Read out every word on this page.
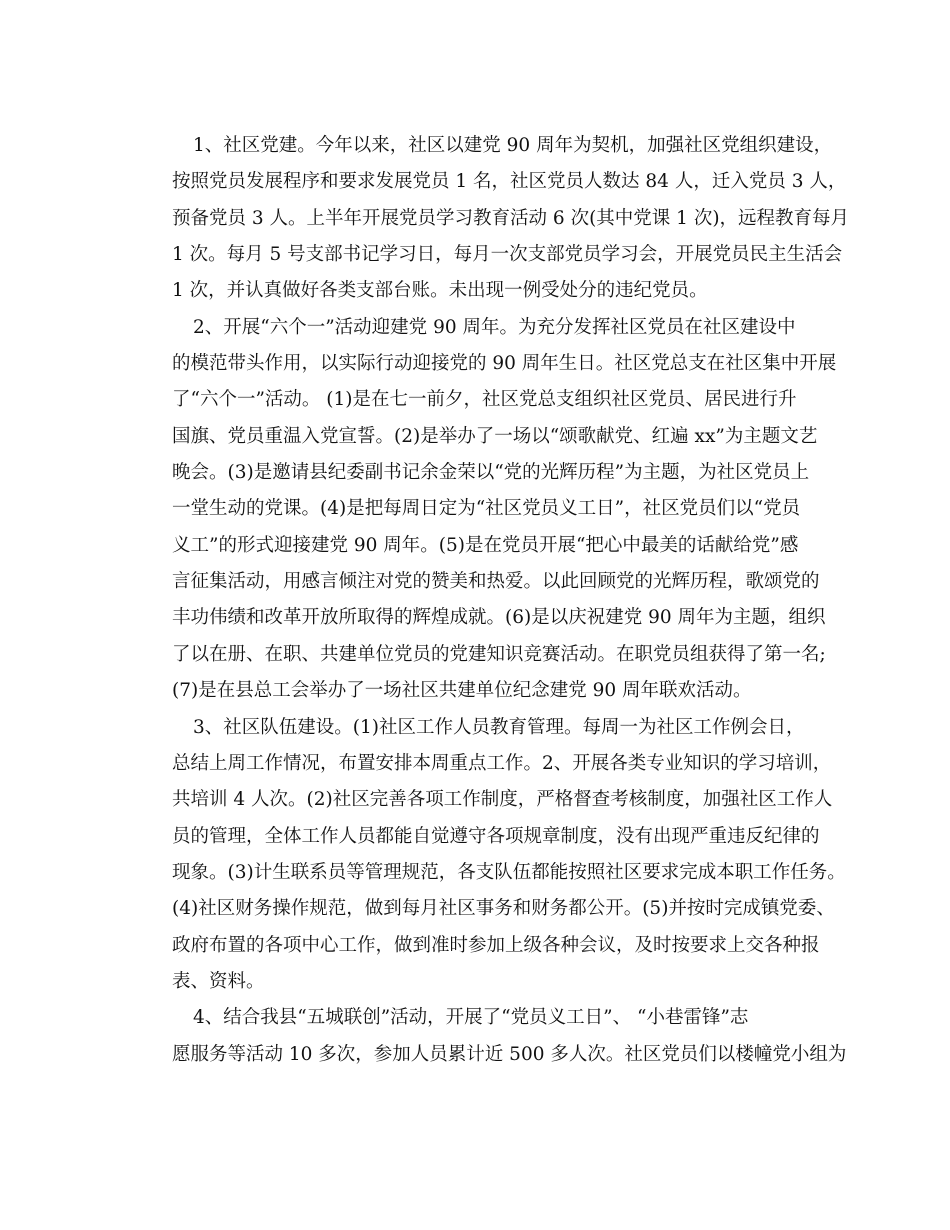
1、社区党建。今年以来，社区以建党 90 周年为契机，加强社区党组织建设，
按照党员发展程序和要求发展党员 1 名，社区党员人数达 84 人，迁入党员 3 人，
预备党员 3 人。上半年开展党员学习教育活动 6 次(其中党课 1 次)，远程教育每月
1 次。每月 5 号支部书记学习日，每月一次支部党员学习会，开展党员民主生活会
1 次，并认真做好各类支部台账。未出现一例受处分的违纪党员。
2、开展“六个一”活动迎建党 90 周年。为充分发挥社区党员在社区建设中
的模范带头作用，以实际行动迎接党的 90 周年生日。社区党总支在社区集中开展
了“六个一”活动。 (1)是在七一前夕，社区党总支组织社区党员、居民进行升
国旗、党员重温入党宣誓。(2)是举办了一场以“颂歌献党、红遍 xx”为主题文艺
晚会。(3)是邀请县纪委副书记余金荣以“党的光辉历程”为主题，为社区党员上
一堂生动的党课。(4)是把每周日定为“社区党员义工日”，社区党员们以“党员
义工”的形式迎接建党 90 周年。(5)是在党员开展“把心中最美的话献给党”感
言征集活动，用感言倾注对党的赞美和热爱。以此回顾党的光辉历程，歌颂党的
丰功伟绩和改革开放所取得的辉煌成就。(6)是以庆祝建党 90 周年为主题，组织
了以在册、在职、共建单位党员的党建知识竞赛活动。在职党员组获得了第一名;
(7)是在县总工会举办了一场社区共建单位纪念建党 90 周年联欢活动。
3、社区队伍建设。(1)社区工作人员教育管理。每周一为社区工作例会日，
总结上周工作情况，布置安排本周重点工作。2、开展各类专业知识的学习培训，
共培训 4 人次。(2)社区完善各项工作制度，严格督查考核制度，加强社区工作人
员的管理，全体工作人员都能自觉遵守各项规章制度，没有出现严重违反纪律的
现象。(3)计生联系员等管理规范，各支队伍都能按照社区要求完成本职工作任务。
(4)社区财务操作规范，做到每月社区事务和财务都公开。(5)并按时完成镇党委、
政府布置的各项中心工作，做到准时参加上级各种会议，及时按要求上交各种报
表、资料。
4、结合我县“五城联创”活动，开展了“党员义工日”、 “小巷雷锋”志
愿服务等活动 10 多次，参加人员累计近 500 多人次。社区党员们以楼幢党小组为
